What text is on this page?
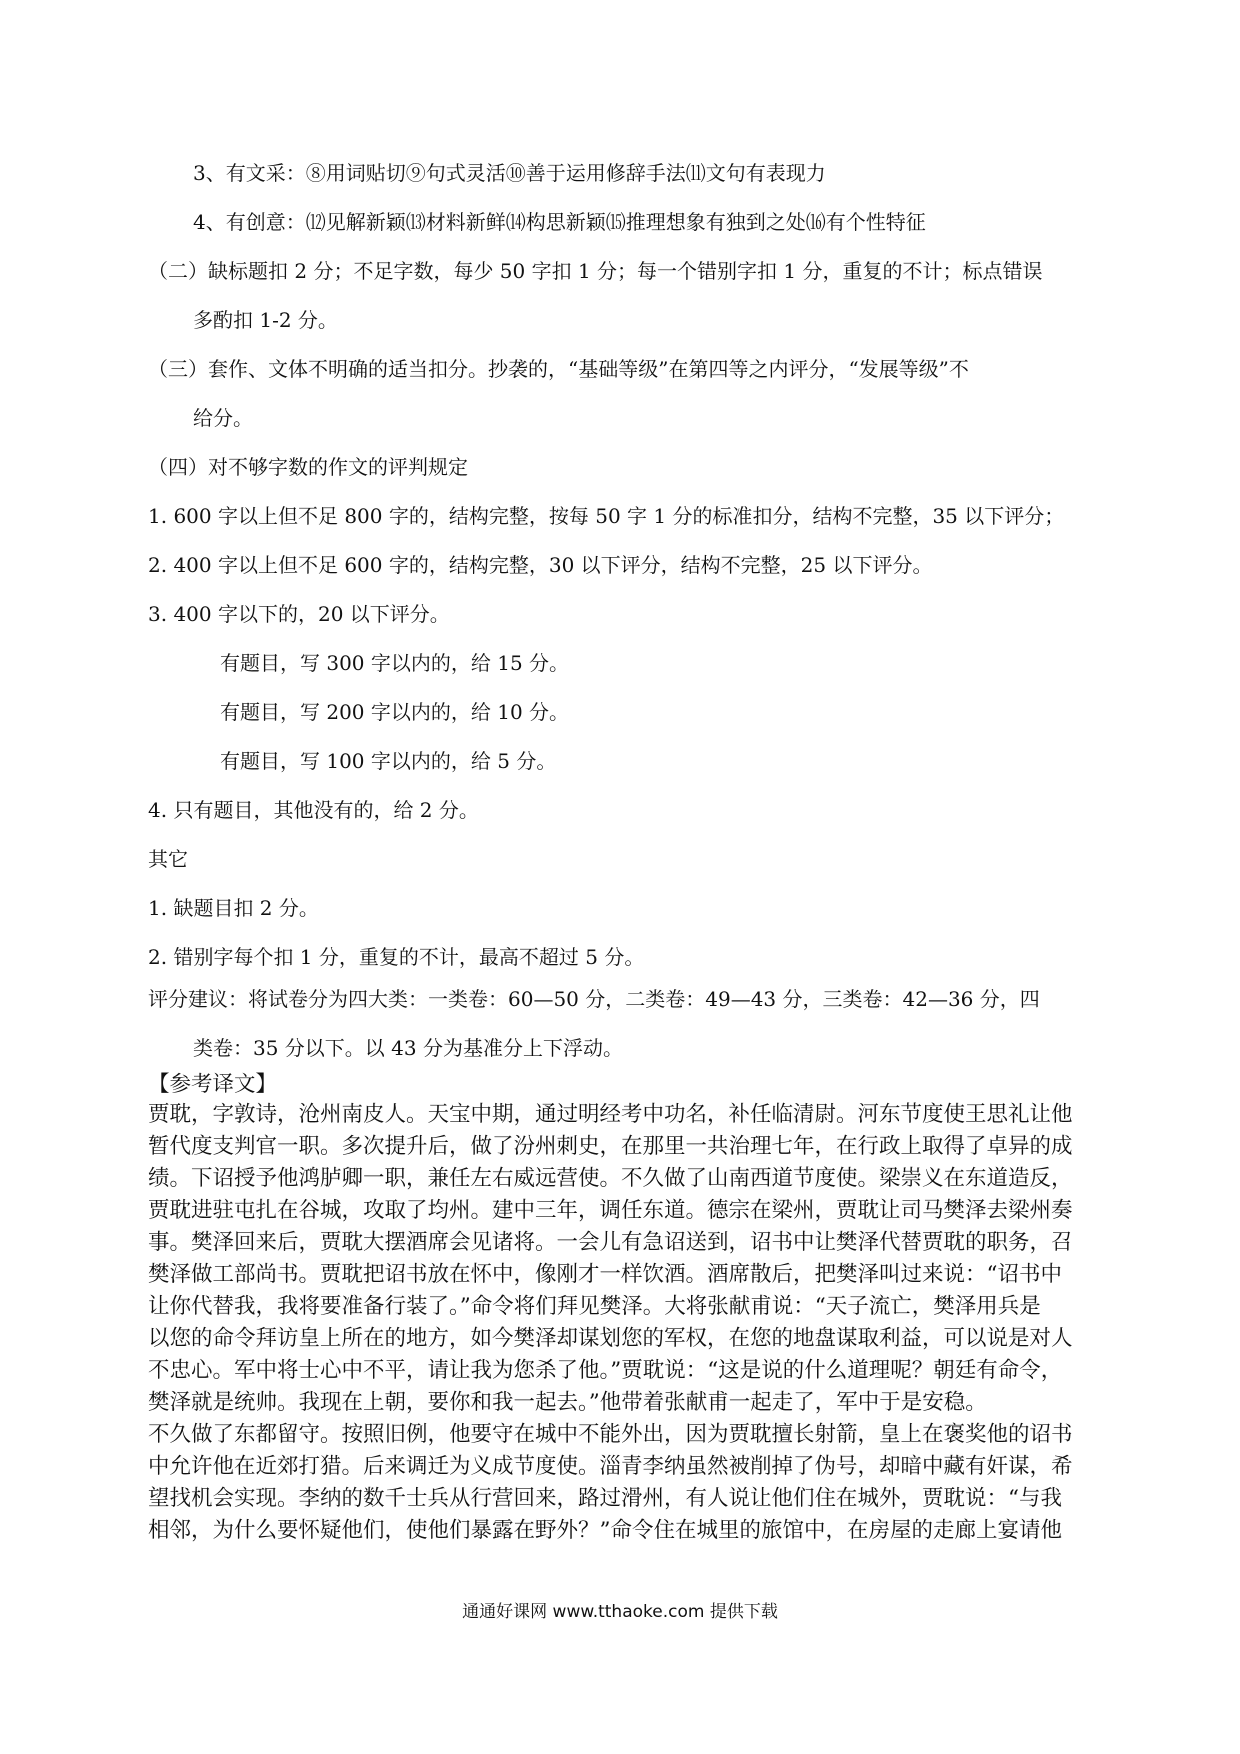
3、有文采：⑧用词贴切⑨句式灵活⑩善于运用修辞手法⑾文句有表现力
4、有创意：⑿见解新颖⒀材料新鲜⒁构思新颖⒂推理想象有独到之处⒃有个性特征
（二）缺标题扣 2 分；不足字数，每少 50 字扣 1 分；每一个错别字扣 1 分，重复的不计；标点错误
多酌扣 1-2 分。
（三）套作、文体不明确的适当扣分。抄袭的，“基础等级”在第四等之内评分，“发展等级”不
给分。
（四）对不够字数的作文的评判规定
1. 600 字以上但不足 800 字的，结构完整，按每 50 字 1 分的标准扣分，结构不完整，35 以下评分；
2. 400 字以上但不足 600 字的，结构完整，30 以下评分，结构不完整，25 以下评分。
3. 400 字以下的，20 以下评分。
有题目，写 300 字以内的，给 15 分。
有题目，写 200 字以内的，给 10 分。
有题目，写 100 字以内的，给 5 分。
4. 只有题目，其他没有的，给 2 分。
其它
1. 缺题目扣 2 分。
2. 错别字每个扣 1 分，重复的不计，最高不超过 5 分。
评分建议：将试卷分为四大类：一类卷：60—50 分，二类卷：49—43 分，三类卷：42—36 分，四
类卷：35 分以下。以 43 分为基准分上下浮动。
【参考译文】
贾耽，字敦诗，沧州南皮人。天宝中期，通过明经考中功名，补任临清尉。河东节度使王思礼让他
暂代度支判官一职。多次提升后，做了汾州刺史，在那里一共治理七年，在行政上取得了卓异的成
绩。下诏授予他鸿胪卿一职，兼任左右威远营使。不久做了山南西道节度使。梁崇义在东道造反，
贾耽进驻屯扎在谷城，攻取了均州。建中三年，调任东道。德宗在梁州，贾耽让司马樊泽去梁州奏
事。樊泽回来后，贾耽大摆酒席会见诸将。一会儿有急诏送到，诏书中让樊泽代替贾耽的职务，召
樊泽做工部尚书。贾耽把诏书放在怀中，像刚才一样饮酒。酒席散后，把樊泽叫过来说：“诏书中
让你代替我，我将要准备行装了。”命令将们拜见樊泽。大将张献甫说：“天子流亡，樊泽用兵是
以您的命令拜访皇上所在的地方，如今樊泽却谋划您的军权，在您的地盘谋取利益，可以说是对人
不忠心。军中将士心中不平，请让我为您杀了他。”贾耽说：“这是说的什么道理呢？朝廷有命令，
樊泽就是统帅。我现在上朝，要你和我一起去。”他带着张献甫一起走了，军中于是安稳。
不久做了东都留守。按照旧例，他要守在城中不能外出，因为贾耽擅长射箭，皇上在褒奖他的诏书
中允许他在近郊打猎。后来调迁为义成节度使。淄青李纳虽然被削掉了伪号，却暗中藏有奸谋，希
望找机会实现。李纳的数千士兵从行营回来，路过滑州，有人说让他们住在城外，贾耽说：“与我
相邻，为什么要怀疑他们，使他们暴露在野外？”命令住在城里的旅馆中，在房屋的走廊上宴请他
通通好课网 www.tthaoke.com 提供下载
